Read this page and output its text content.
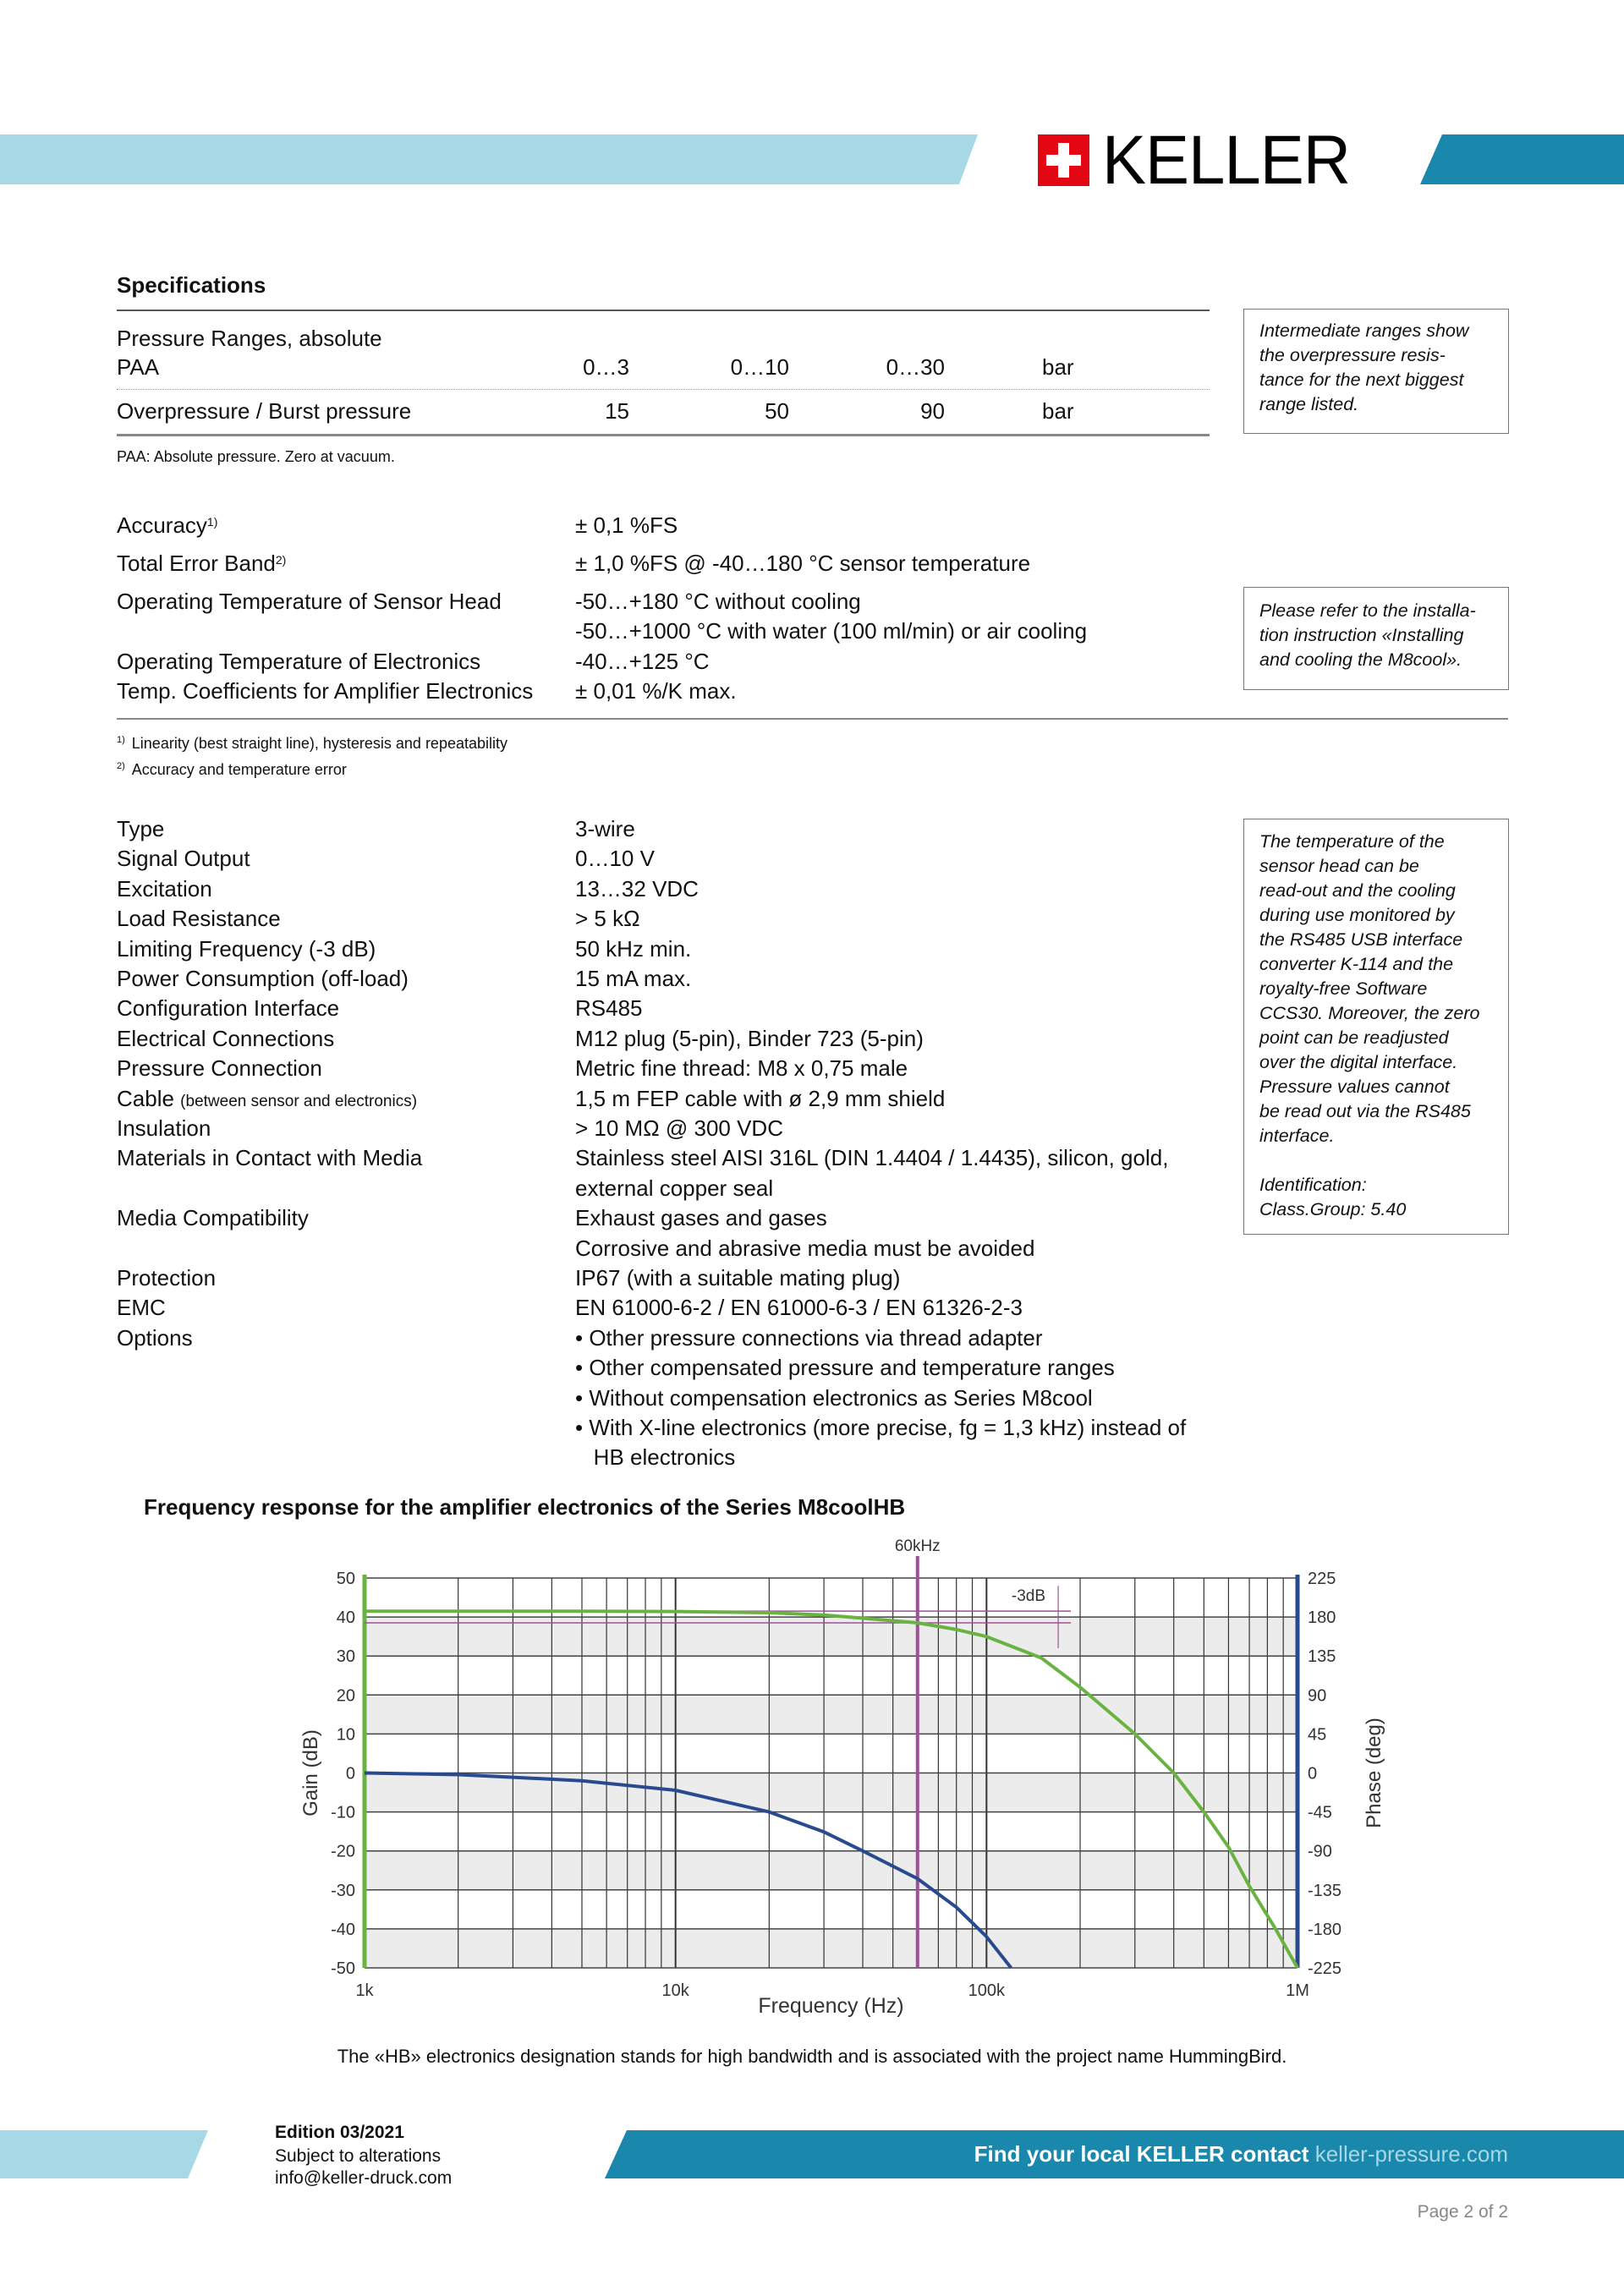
KELLER
Specifications
Pressure Ranges, absolute
PAA	0…3	0…10	0…30	bar
Overpressure / Burst pressure	15	50	90	bar
PAA: Absolute pressure. Zero at vacuum.
Intermediate ranges show the overpressure resis- tance for the next biggest range listed.
Accuracy$^{1)}$	± 0,1 %FS
Total Error Band$^{2)}$	± 1,0 %FS @ -40…180 °C sensor temperature
Operating Temperature of Sensor Head	-50…+180 °C without cooling
-50…+1000 °C with water (100 ml/min) or air cooling
Operating Temperature of Electronics	-40…+125 °C
Temp. Coefficients for Amplifier Electronics ± 0,01 %/K max.
Please refer to the installa- tion instruction «Installing and cooling the M8cool».
$^{1)}$ Linearity (best straight line), hysteresis and repeatability
$^{2)}$ Accuracy and temperature error
Type	3-wire
Signal Output	0…10 V
Excitation	13…32 VDC
Load Resistance	> 5 kΩ
Limiting Frequency (-3 dB)	50 kHz min.
Power Consumption (off-load)	15 mA max.
Configuration Interface	RS485
Electrical Connections	M12 plug (5-pin), Binder 723 (5-pin)
Pressure Connection	Metric fine thread: M8 x 0,75 male
Cable (between sensor and electronics)	1,5 m FEP cable with ø 2,9 mm shield
Insulation	> 10 MΩ @ 300 VDC
Materials in Contact with Media	Stainless steel AISI 316L (DIN 1.4404 / 1.4435), silicon, gold,
external copper seal
Media Compatibility	Exhaust gases and gases
Corrosive and abrasive media must be avoided
Protection	IP67 (with a suitable mating plug)
EMC	EN 61000-6-2 / EN 61000-6-3 / EN 61326-2-3
Options	• Other pressure connections via thread adapter
• Other compensated pressure and temperature ranges
• Without compensation electronics as Series M8cool
• With X-line electronics (more precise, fg = 1,3 kHz) instead of
HB electronics
The temperature of the
sensor head can be
read-out and the cooling
during use monitored by
the RS485 USB interface
converter K-114 and the
royalty-free Software
CCS30. Moreover, the zero
point can be readjusted
over the digital interface.
Pressure values cannot
be read out via the RS485
interface.
Identification:
Class.Group: 5.40
Frequency response for the amplifier electronics of the Series M8coolHB
50
40
30
20
10
0
-10
-20
-30
-40
-50
225
180
135
90
45
0
-45
-90
-135
-180
-225
1k	10k	100k	1M
60kHz
-3dB
Frequency (Hz)
Gain (dB)	Phase (deg)
The «HB» electronics designation stands for high bandwidth and is associated with the project name HummingBird.
Edition 03/2021
Subject to alterations
info@keller-druck.com
Find your local KELLER contact keller-pressure.com
Page 2 of 2
